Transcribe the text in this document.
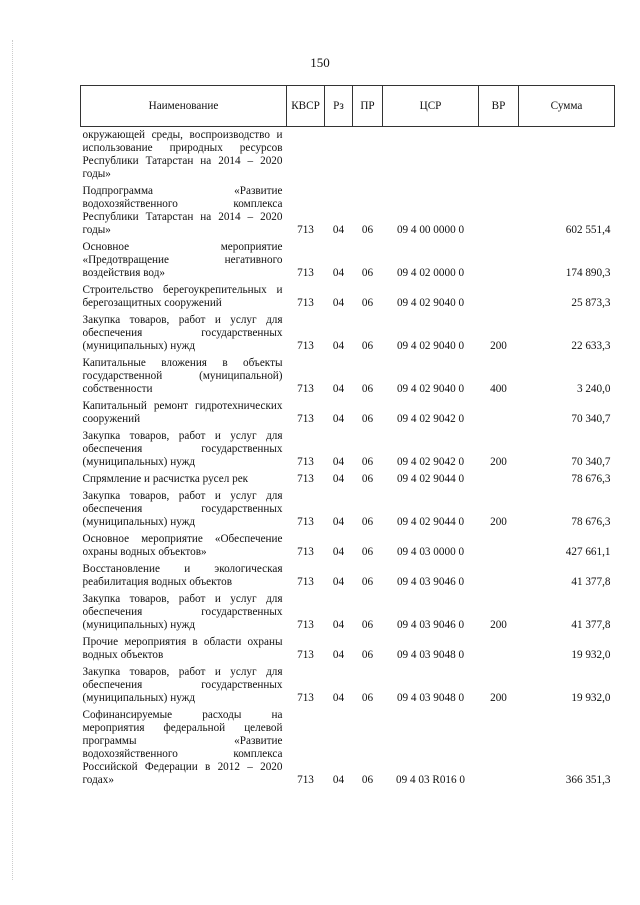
150
Наименование	КВСР	Рз	ПР	ЦСР	ВР	Сумма
окружающей среды, воспроизводство и использование природных ресурсов Республики Татарстан на 2014 – 2020 годы»						
Подпрограмма «Развитие водохозяйственного комплекса Республики Татарстан на 2014 – 2020 годы»	713	04	06	09 4 00 0000 0		602 551,4
Основное мероприятие «Предотвращение негативного воздействия вод»	713	04	06	09 4 02 0000 0		174 890,3
Строительство берегоукрепительных и берегозащитных сооружений	713	04	06	09 4 02 9040 0		25 873,3
Закупка товаров, работ и услуг для обеспечения государственных (муниципальных) нужд	713	04	06	09 4 02 9040 0	200	22 633,3
Капитальные вложения в объекты государственной (муниципальной) собственности	713	04	06	09 4 02 9040 0	400	3 240,0
Капитальный ремонт гидротехнических сооружений	713	04	06	09 4 02 9042 0		70 340,7
Закупка товаров, работ и услуг для обеспечения государственных (муниципальных) нужд	713	04	06	09 4 02 9042 0	200	70 340,7
Спрямление и расчистка русел рек	713	04	06	09 4 02 9044 0		78 676,3
Закупка товаров, работ и услуг для обеспечения государственных (муниципальных) нужд	713	04	06	09 4 02 9044 0	200	78 676,3
Основное мероприятие «Обеспечение охраны водных объектов»	713	04	06	09 4 03 0000 0		427 661,1
Восстановление и экологическая реабилитация водных объектов	713	04	06	09 4 03 9046 0		41 377,8
Закупка товаров, работ и услуг для обеспечения государственных (муниципальных) нужд	713	04	06	09 4 03 9046 0	200	41 377,8
Прочие мероприятия в области охраны водных объектов	713	04	06	09 4 03 9048 0		19 932,0
Закупка товаров, работ и услуг для обеспечения государственных (муниципальных) нужд	713	04	06	09 4 03 9048 0	200	19 932,0
Софинансируемые расходы на мероприятия федеральной целевой программы «Развитие водохозяйственного комплекса Российской Федерации в 2012 – 2020 годах»	713	04	06	09 4 03 R016 0		366 351,3
